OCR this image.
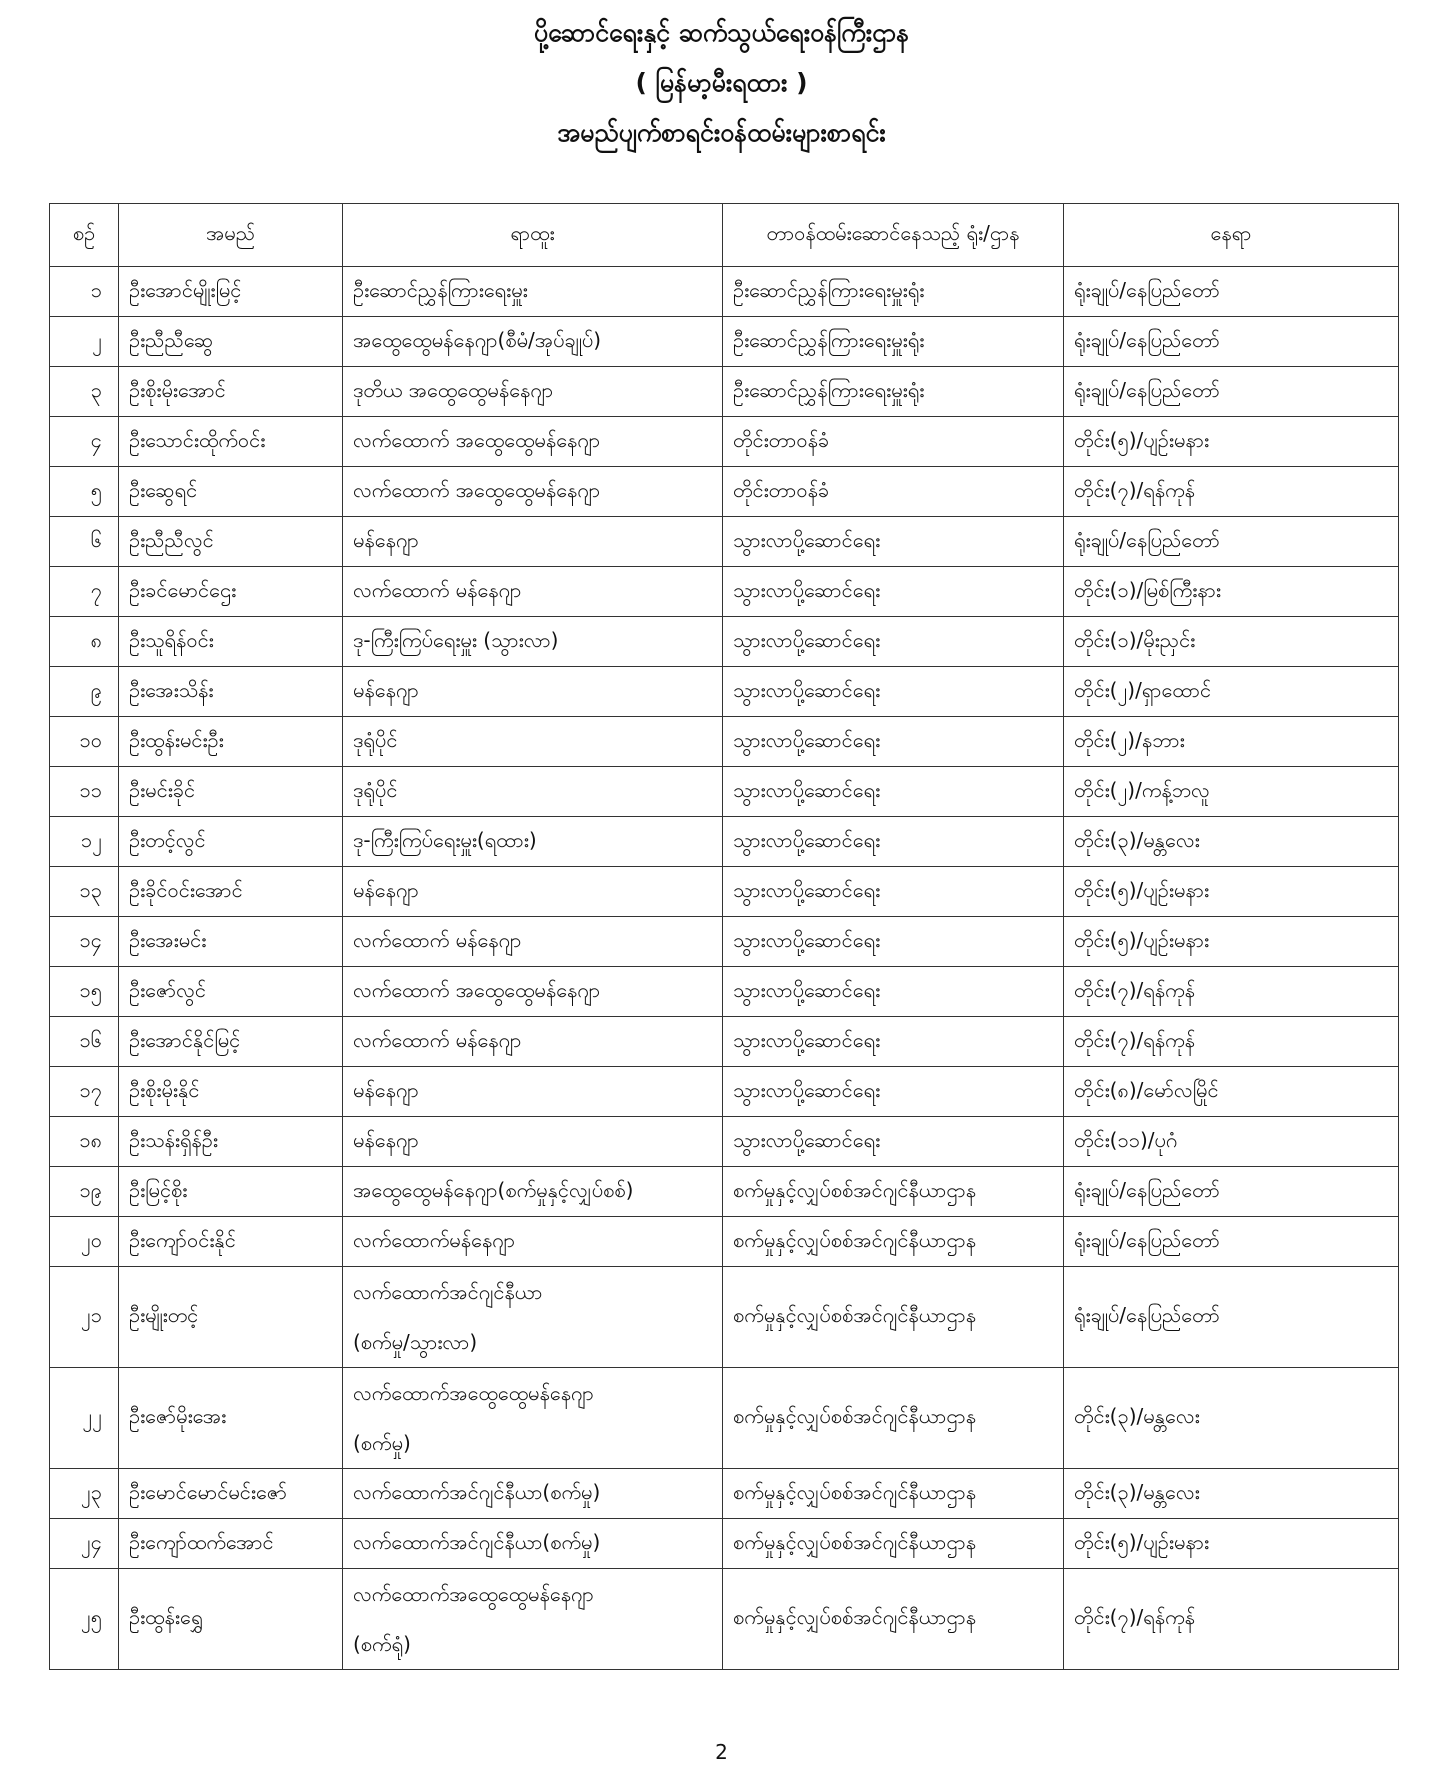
ပို့ဆောင်ရေးနှင့် ဆက်သွယ်ရေးဝန်ကြီးဌာန
( မြန်မာ့မီးရထား )
အမည်ပျက်စာရင်းဝန်ထမ်းများစာရင်း
စဉ်	အမည်	ရာထူး	တာဝန်ထမ်းဆောင်နေသည့် ရုံး/ဌာန	နေရာ
၁	ဦးအောင်မျိုးမြင့်	ဦးဆောင်ညွှန်ကြားရေးမှူး	ဦးဆောင်ညွှန်ကြားရေးမှူးရုံး	ရုံးချုပ်/နေပြည်တော်
၂	ဦးညီညီဆွေ	အထွေထွေမန်နေဂျာ(စီမံ/အုပ်ချုပ်)	ဦးဆောင်ညွှန်ကြားရေးမှူးရုံး	ရုံးချုပ်/နေပြည်တော်
၃	ဦးစိုးမိုးအောင်	ဒုတိယ အထွေထွေမန်နေဂျာ	ဦးဆောင်ညွှန်ကြားရေးမှူးရုံး	ရုံးချုပ်/နေပြည်တော်
၄	ဦးသောင်းထိုက်ဝင်း	လက်ထောက် အထွေထွေမန်နေဂျာ	တိုင်းတာဝန်ခံ	တိုင်း(၅)/ပျဉ်းမနား
၅	ဦးဆွေရင်	လက်ထောက် အထွေထွေမန်နေဂျာ	တိုင်းတာဝန်ခံ	တိုင်း(၇)/ရန်ကုန်
၆	ဦးညီညီလွင်	မန်နေဂျာ	သွားလာပို့ဆောင်ရေး	ရုံးချုပ်/နေပြည်တော်
၇	ဦးခင်မောင်ဌေး	လက်ထောက် မန်နေဂျာ	သွားလာပို့ဆောင်ရေး	တိုင်း(၁)/မြစ်ကြီးနား
၈	ဦးသူရိန်ဝင်း	ဒု-ကြီးကြပ်ရေးမှူး (သွားလာ)	သွားလာပို့ဆောင်ရေး	တိုင်း(၁)/မိုးညှင်း
၉	ဦးအေးသိန်း	မန်နေဂျာ	သွားလာပို့ဆောင်ရေး	တိုင်း(၂)/ရှာထောင်
၁၀	ဦးထွန်းမင်းဦး	ဒုရုံပိုင်	သွားလာပို့ဆောင်ရေး	တိုင်း(၂)/နဘား
၁၁	ဦးမင်းခိုင်	ဒုရုံပိုင်	သွားလာပို့ဆောင်ရေး	တိုင်း(၂)/ကန့်ဘလူ
၁၂	ဦးတင့်လွင်	ဒု-ကြီးကြပ်ရေးမှူး(ရထား)	သွားလာပို့ဆောင်ရေး	တိုင်း(၃)/မန္တလေး
၁၃	ဦးခိုင်ဝင်းအောင်	မန်နေဂျာ	သွားလာပို့ဆောင်ရေး	တိုင်း(၅)/ပျဉ်းမနား
၁၄	ဦးအေးမင်း	လက်ထောက် မန်နေဂျာ	သွားလာပို့ဆောင်ရေး	တိုင်း(၅)/ပျဉ်းမနား
၁၅	ဦးဇော်လွင်	လက်ထောက် အထွေထွေမန်နေဂျာ	သွားလာပို့ဆောင်ရေး	တိုင်း(၇)/ရန်ကုန်
၁၆	ဦးအောင်နိုင်မြင့်	လက်ထောက် မန်နေဂျာ	သွားလာပို့ဆောင်ရေး	တိုင်း(၇)/ရန်ကုန်
၁၇	ဦးစိုးမိုးနိုင်	မန်နေဂျာ	သွားလာပို့ဆောင်ရေး	တိုင်း(၈)/မော်လမြိုင်
၁၈	ဦးသန်းရှိန်ဦး	မန်နေဂျာ	သွားလာပို့ဆောင်ရေး	တိုင်း(၁၁)/ပုဂံ
၁၉	ဦးမြင့်စိုး	အထွေထွေမန်နေဂျာ(စက်မှုနှင့်လျှပ်စစ်)	စက်မှုနှင့်လျှပ်စစ်အင်ဂျင်နီယာဌာန	ရုံးချုပ်/နေပြည်တော်
၂၀	ဦးကျော်ဝင်းနိုင်	လက်ထောက်မန်နေဂျာ	စက်မှုနှင့်လျှပ်စစ်အင်ဂျင်နီယာဌာန	ရုံးချုပ်/နေပြည်တော်
၂၁	ဦးမျိုးတင့်	လက်ထောက်အင်ဂျင်နီယာ
(စက်မှု/သွားလာ)	စက်မှုနှင့်လျှပ်စစ်အင်ဂျင်နီယာဌာန	ရုံးချုပ်/နေပြည်တော်
၂၂	ဦးဇော်မိုးအေး	လက်ထောက်အထွေထွေမန်နေဂျာ
(စက်မှု)	စက်မှုနှင့်လျှပ်စစ်အင်ဂျင်နီယာဌာန	တိုင်း(၃)/မန္တလေး
၂၃	ဦးမောင်မောင်မင်းဇော်	လက်ထောက်အင်ဂျင်နီယာ(စက်မှု)	စက်မှုနှင့်လျှပ်စစ်အင်ဂျင်နီယာဌာန	တိုင်း(၃)/မန္တလေး
၂၄	ဦးကျော်ထက်အောင်	လက်ထောက်အင်ဂျင်နီယာ(စက်မှု)	စက်မှုနှင့်လျှပ်စစ်အင်ဂျင်နီယာဌာန	တိုင်း(၅)/ပျဉ်းမနား
၂၅	ဦးထွန်းရွှေ	လက်ထောက်အထွေထွေမန်နေဂျာ
(စက်ရုံ)	စက်မှုနှင့်လျှပ်စစ်အင်ဂျင်နီယာဌာန	တိုင်း(၇)/ရန်ကုန်
2
